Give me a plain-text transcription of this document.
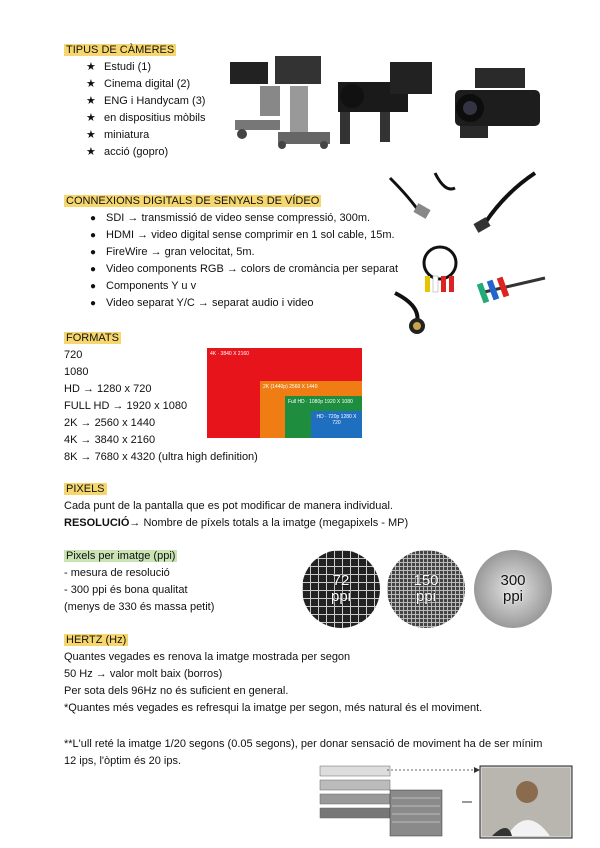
TIPUS DE CÀMERES
★ Estudi (1)
★ Cinema digital (2)
★ ENG i Handycam (3)
★ en dispositius mòbils
★ miniatura
★ acció (gopro)
CONNEXIONS DIGITALS DE SENYALS DE VÍDEO
● SDI → transmissió de video sense compressió, 300m.
● HDMI → video digital sense comprimir en 1 sol cable, 15m.
● FireWire → gran velocitat, 5m.
● Video components RGB → colors de cromància per separat
● Components Y u v
● Video separat Y/C → separat audio i video
FORMATS
720
1080
HD → 1280 x 720
FULL HD → 1920 x 1080
2K → 2560 x 1440
4K → 3840 x 2160
8K → 7680 x 4320 (ultra high definition)
4K · 3840 X 2160
2K (1440p) 2560 X 1440
Full HD · 1080p 1920 X 1080
HD · 720p 1280 X 720
PIXELS
Cada punt de la pantalla que es pot modificar de manera individual.
RESOLUCIÓ→ Nombre de píxels totals a la imatge (megapixels - MP)
Pixels per imatge (ppi)
- mesura de resolució
- 300 ppi és bona qualitat
(menys de 330 és massa petit)
72
ppi
150
ppi
300
ppi
HERTZ (Hz)
Quantes vegades es renova la imatge mostrada per segon
50 Hz → valor molt baix (borros)
Per sota dels 96Hz no és suficient en general.
*Quantes més vegades es refresqui la imatge per segon, més natural és el moviment.
**L'ull reté la imatge 1/20 segons (0.05 segons), per donar sensació de moviment ha de ser mínim
12 ips, l'òptim és 20 ips.
